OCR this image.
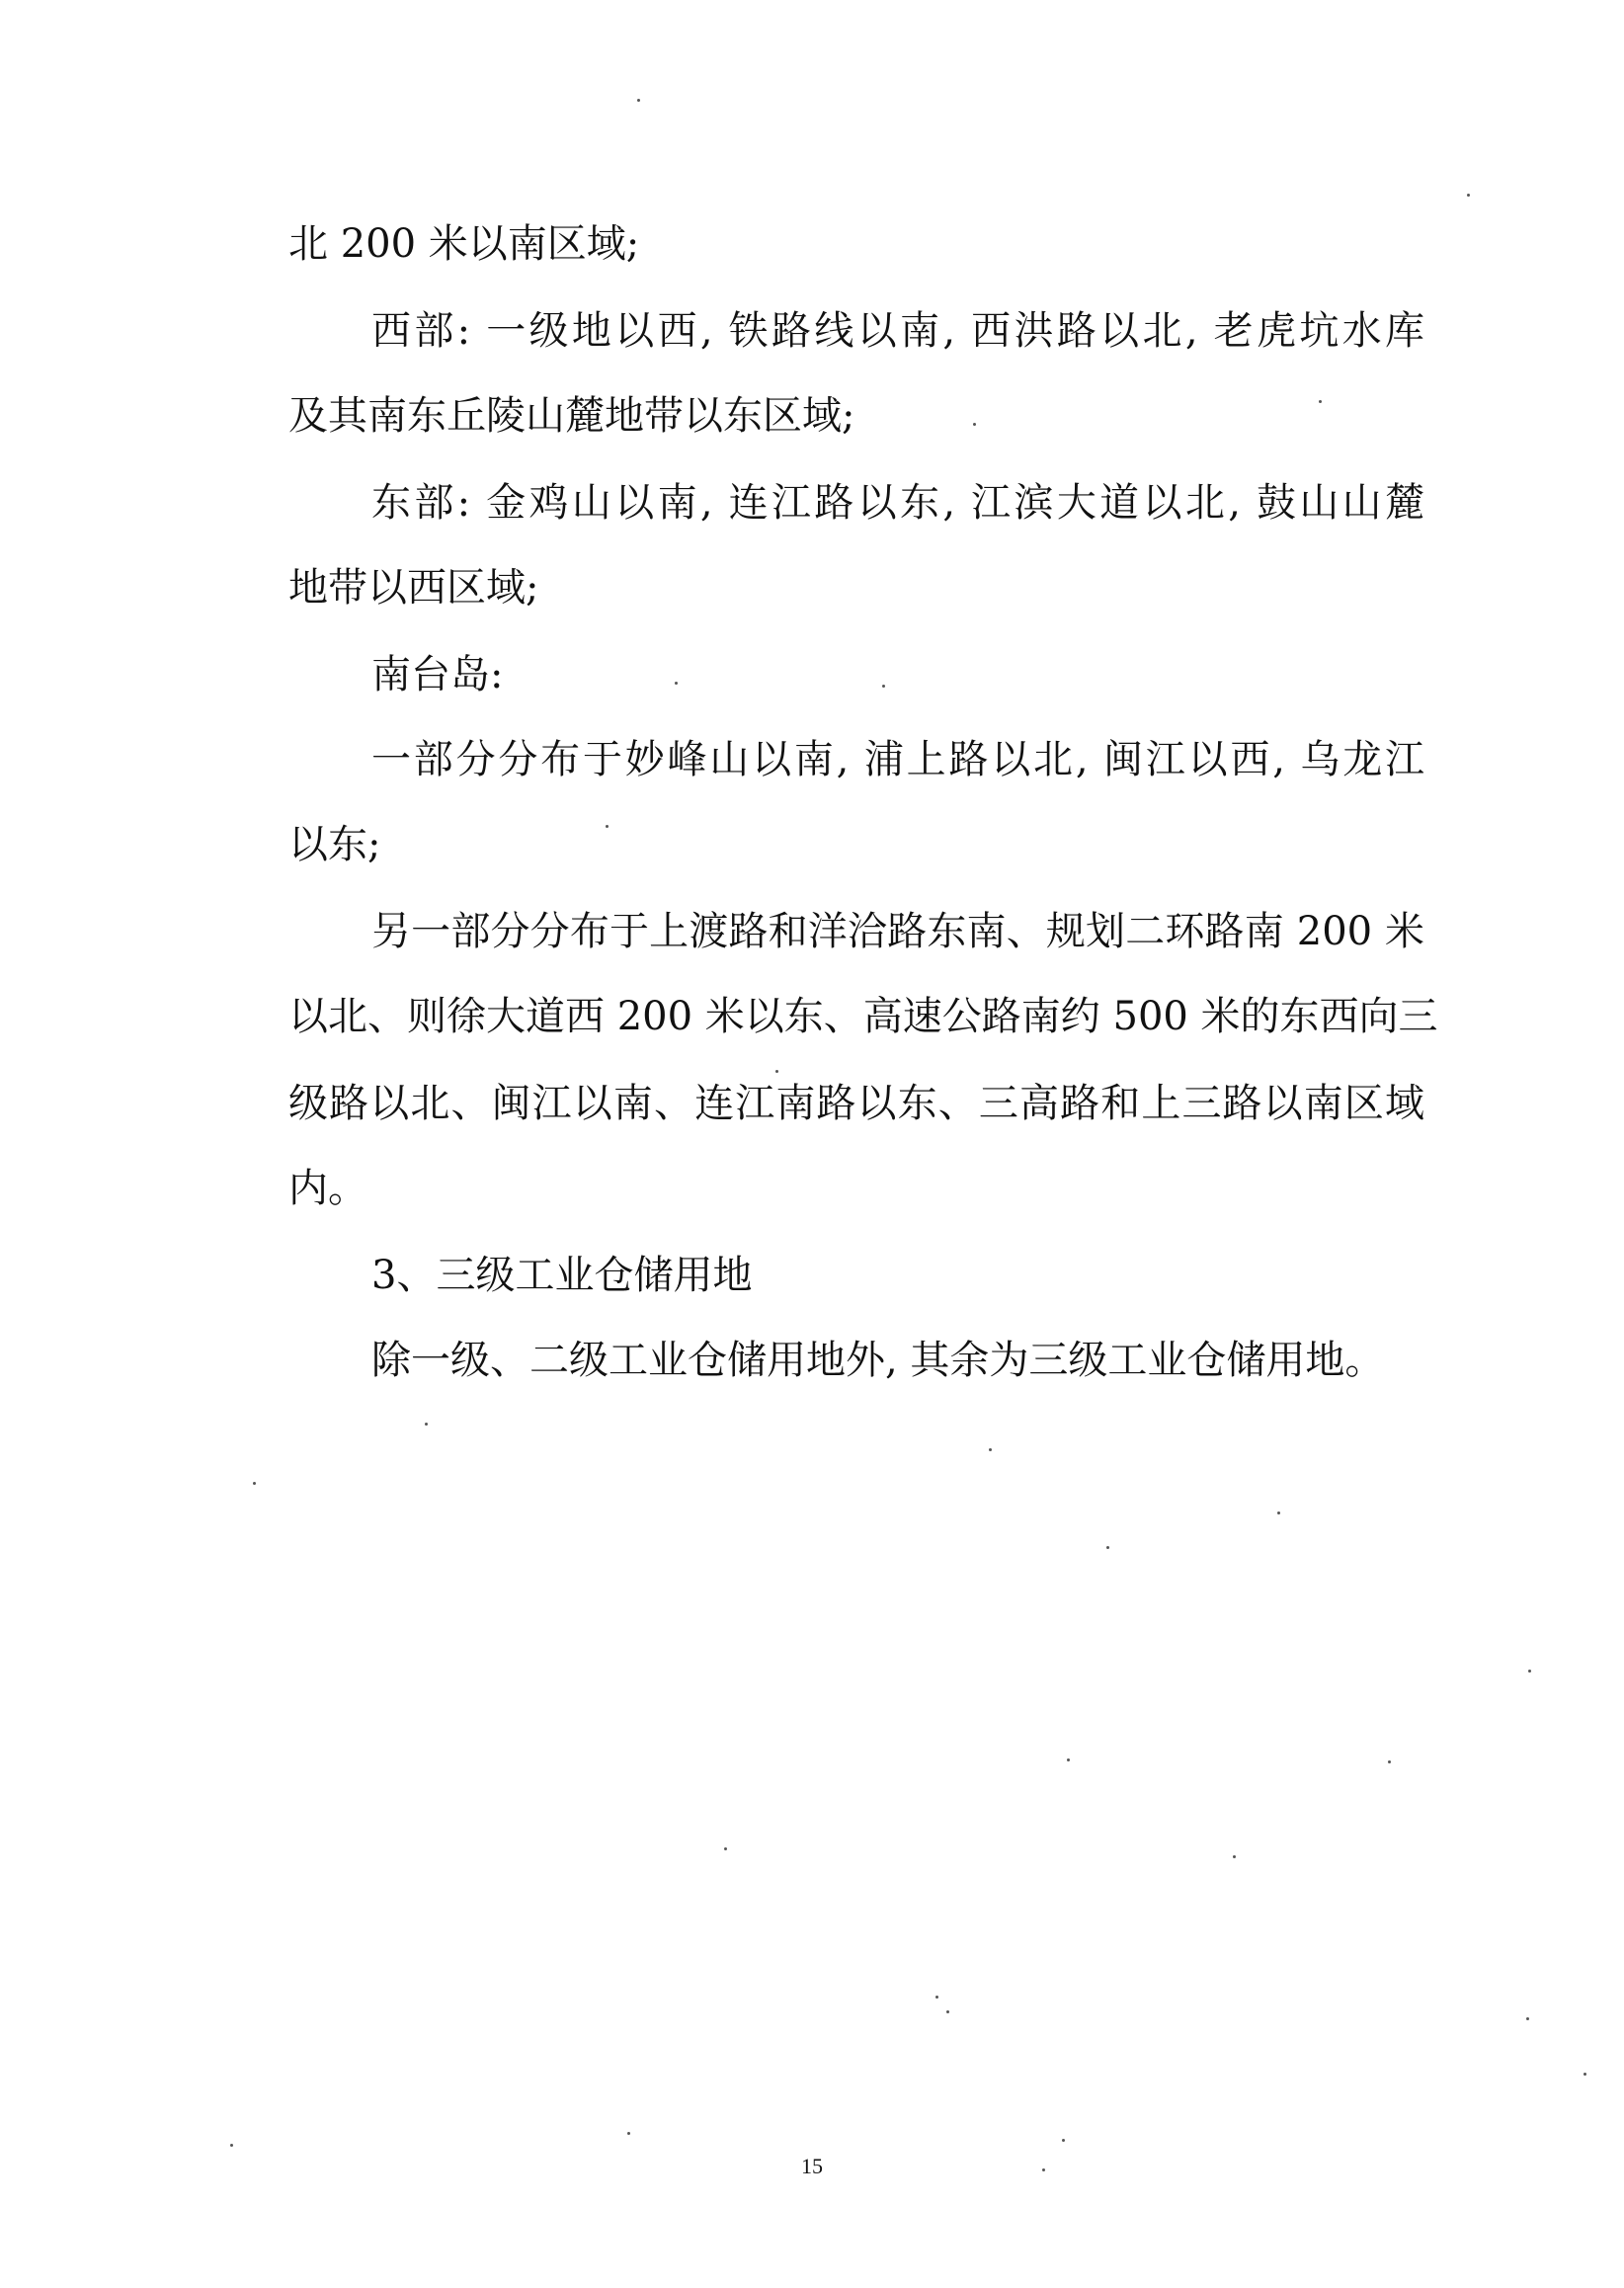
北 200 米以南区域;
西部: 一级地以西, 铁路线以南, 西洪路以北, 老虎坑水库
及其南东丘陵山麓地带以东区域;
东部: 金鸡山以南, 连江路以东, 江滨大道以北, 鼓山山麓
地带以西区域;
南台岛:
一部分分布于妙峰山以南, 浦上路以北, 闽江以西, 乌龙江
以东;
另一部分分布于上渡路和洋洽路东南、规划二环路南 200 米
以北、则徐大道西 200 米以东、高速公路南约 500 米的东西向三
级路以北、闽江以南、连江南路以东、三高路和上三路以南区域
内。
3、三级工业仓储用地
除一级、二级工业仓储用地外, 其余为三级工业仓储用地。
15
